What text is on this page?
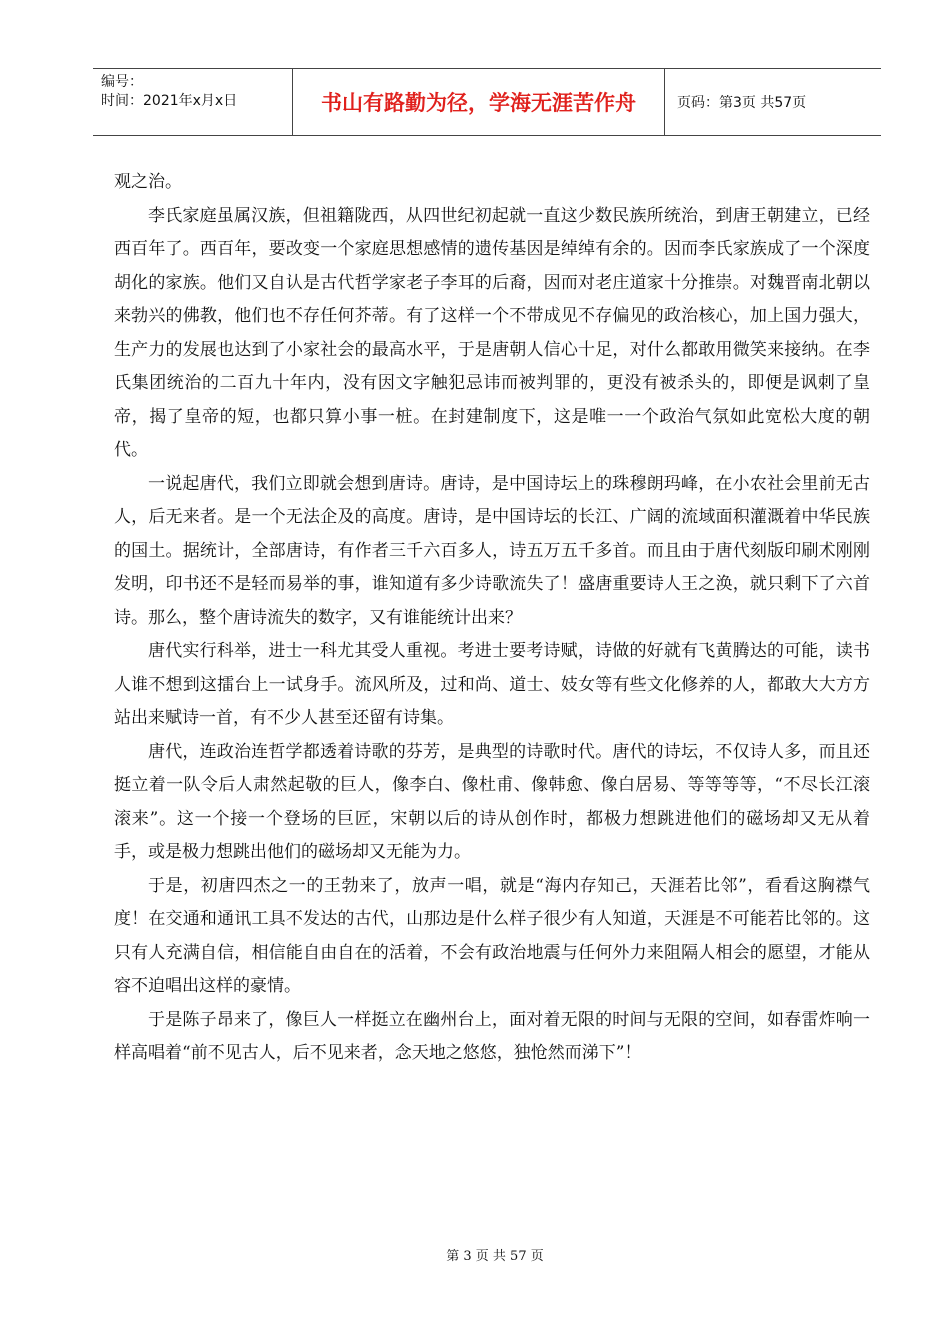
编号：
时间：2021年x月x日	书山有路勤为径，学海无涯苦作舟	页码：第3页 共57页

观之治。

李氏家庭虽属汉族，但祖籍陇西，从四世纪初起就一直这少数民族所统治，到唐王朝建立，已经西百年了。西百年，要改变一个家庭思想感情的遗传基因是绰绰有余的。因而李氏家族成了一个深度胡化的家族。他们又自认是古代哲学家老子李耳的后裔，因而对老庄道家十分推崇。对魏晋南北朝以来勃兴的佛教，他们也不存任何芥蒂。有了这样一个不带成见不存偏见的政治核心，加上国力强大，生产力的发展也达到了小家社会的最高水平，于是唐朝人信心十足，对什么都敢用微笑来接纳。在李氏集团统治的二百九十年内，没有因文字触犯忌讳而被判罪的，更没有被杀头的，即便是讽刺了皇帝，揭了皇帝的短，也都只算小事一桩。在封建制度下，这是唯一一个政治气氛如此宽松大度的朝代。

一说起唐代，我们立即就会想到唐诗。唐诗，是中国诗坛上的珠穆朗玛峰，在小农社会里前无古人，后无来者。是一个无法企及的高度。唐诗，是中国诗坛的长江、广阔的流域面积灌溉着中华民族的国土。据统计，全部唐诗，有作者三千六百多人，诗五万五千多首。而且由于唐代刻版印刷术刚刚发明，印书还不是轻而易举的事，谁知道有多少诗歌流失了！盛唐重要诗人王之涣，就只剩下了六首诗。那么，整个唐诗流失的数字，又有谁能统计出来？

唐代实行科举，进士一科尤其受人重视。考进士要考诗赋，诗做的好就有飞黄腾达的可能，读书人谁不想到这擂台上一试身手。流风所及，过和尚、道士、妓女等有些文化修养的人，都敢大大方方站出来赋诗一首，有不少人甚至还留有诗集。

唐代，连政治连哲学都透着诗歌的芬芳，是典型的诗歌时代。唐代的诗坛，不仅诗人多，而且还挺立着一队令后人肃然起敬的巨人，像李白、像杜甫、像韩愈、像白居易、等等等等，“不尽长江滚滚来”。这一个接一个登场的巨匠，宋朝以后的诗从创作时，都极力想跳进他们的磁场却又无从着手，或是极力想跳出他们的磁场却又无能为力。

于是，初唐四杰之一的王勃来了，放声一唱，就是“海内存知己，天涯若比邻”，看看这胸襟气度！在交通和通讯工具不发达的古代，山那边是什么样子很少有人知道，天涯是不可能若比邻的。这只有人充满自信，相信能自由自在的活着，不会有政治地震与任何外力来阻隔人相会的愿望，才能从容不迫唱出这样的豪情。

于是陈子昂来了，像巨人一样挺立在幽州台上，面对着无限的时间与无限的空间，如春雷炸响一样高唱着“前不见古人，后不见来者，念天地之悠悠，独怆然而涕下”！

第 3 页 共 57 页
